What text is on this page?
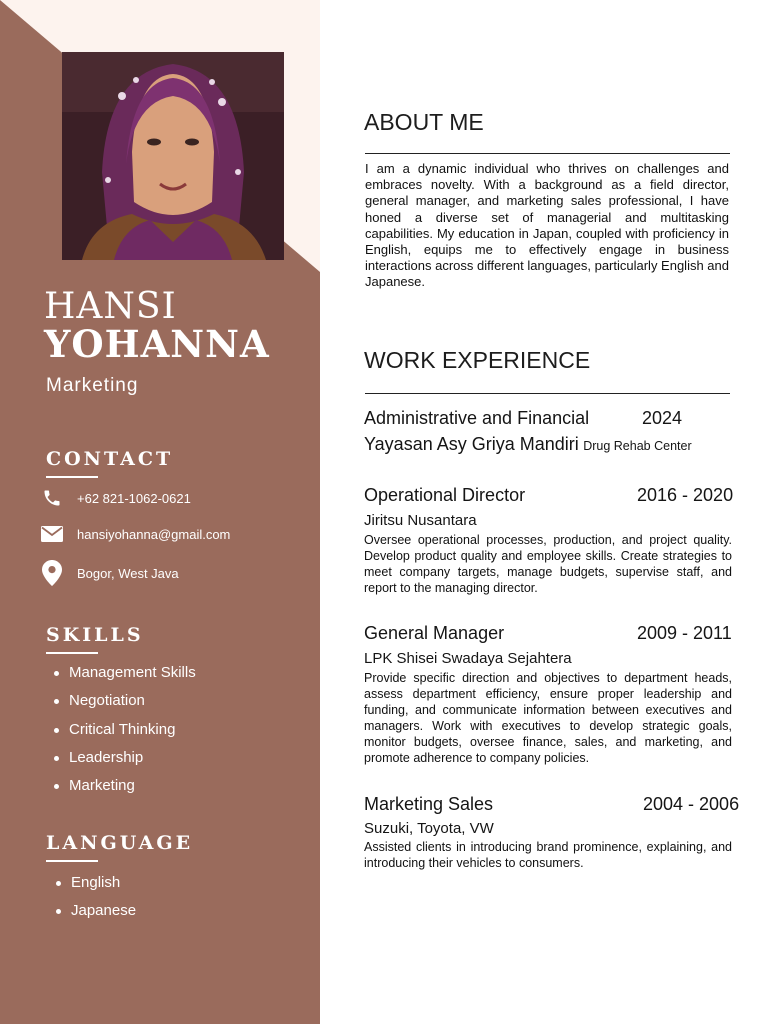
HANSI
YOHANNA
Marketing
CONTACT
+62 821-1062-0621
hansiyohanna@gmail.com
Bogor, West Java
SKILLS
Management Skills
Negotiation
Critical Thinking
Leadership
Marketing
LANGUAGE
English
Japanese
ABOUT ME

I am a dynamic individual who thrives on challenges and embraces novelty. With a background as a field director, general manager, and marketing sales professional, I have honed a diverse set of managerial and multitasking capabilities. My education in Japan, coupled with proficiency in English, equips me to effectively engage in business interactions across different languages, particularly English and Japanese.

WORK EXPERIENCE
Administrative and Financial	2024
Yayasan Asy Griya Mandiri Drug Rehab Center
Operational Director	2016 - 2020
Jiritsu Nusantara

Oversee operational processes, production, and project quality. Develop product quality and employee skills. Create strategies to meet company targets, manage budgets, supervise staff, and report to the managing director.

General Manager	2009 - 2011
LPK Shisei Swadaya Sejahtera

Provide specific direction and objectives to department heads, assess department efficiency, ensure proper leadership and funding, and communicate information between executives and managers. Work with executives to develop strategic goals, monitor budgets, oversee finance, sales, and marketing, and promote adherence to company policies.

Marketing Sales	2004 - 2006
Suzuki, Toyota, VW

Assisted clients in introducing brand prominence, explaining, and introducing their vehicles to consumers.
